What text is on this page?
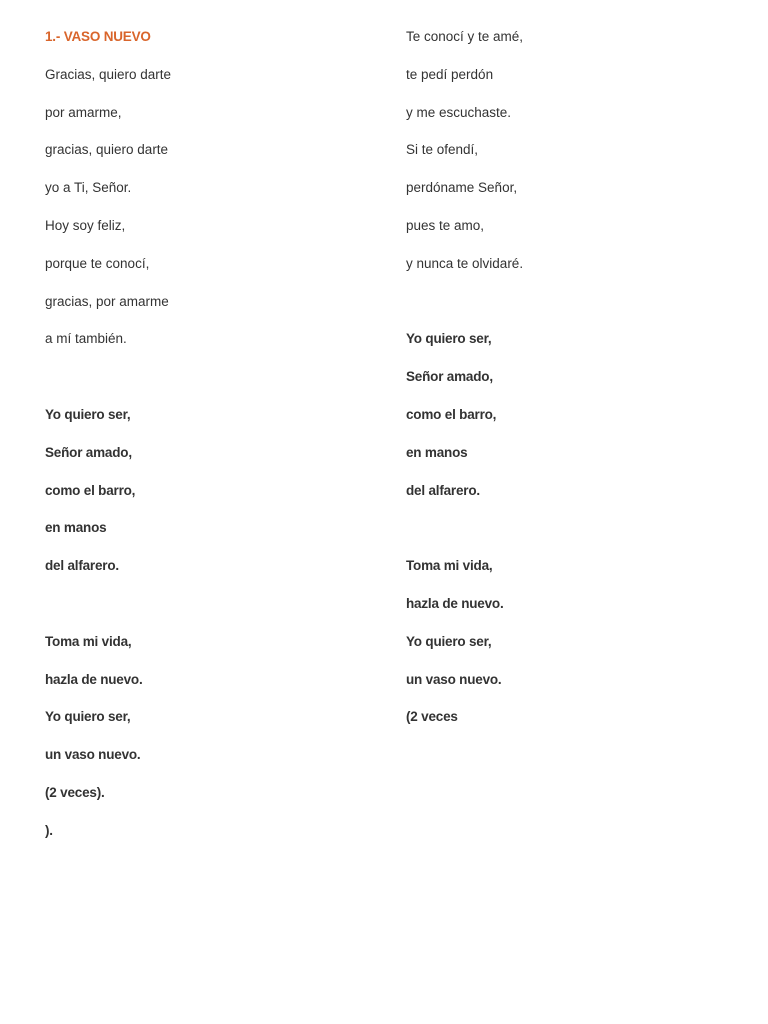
1.- VASO NUEVO
Gracias, quiero darte
por amarme,
gracias, quiero darte
yo a Ti, Señor.
Hoy soy feliz,
porque te conocí,
gracias, por amarme
a mí también.
Yo quiero ser,
Señor amado,
como el barro,
en manos
del alfarero.
Toma mi vida,
hazla de nuevo.
Yo quiero ser,
un vaso nuevo.
(2 veces).
).
Te conocí y te amé,
te pedí perdón
y me escuchaste.
Si te ofendí,
perdóname Señor,
pues te amo,
y nunca te olvidaré.
Yo quiero ser,
Señor amado,
como el barro,
en manos
del alfarero.
Toma mi vida,
hazla de nuevo.
Yo quiero ser,
un vaso nuevo.
(2 veces
